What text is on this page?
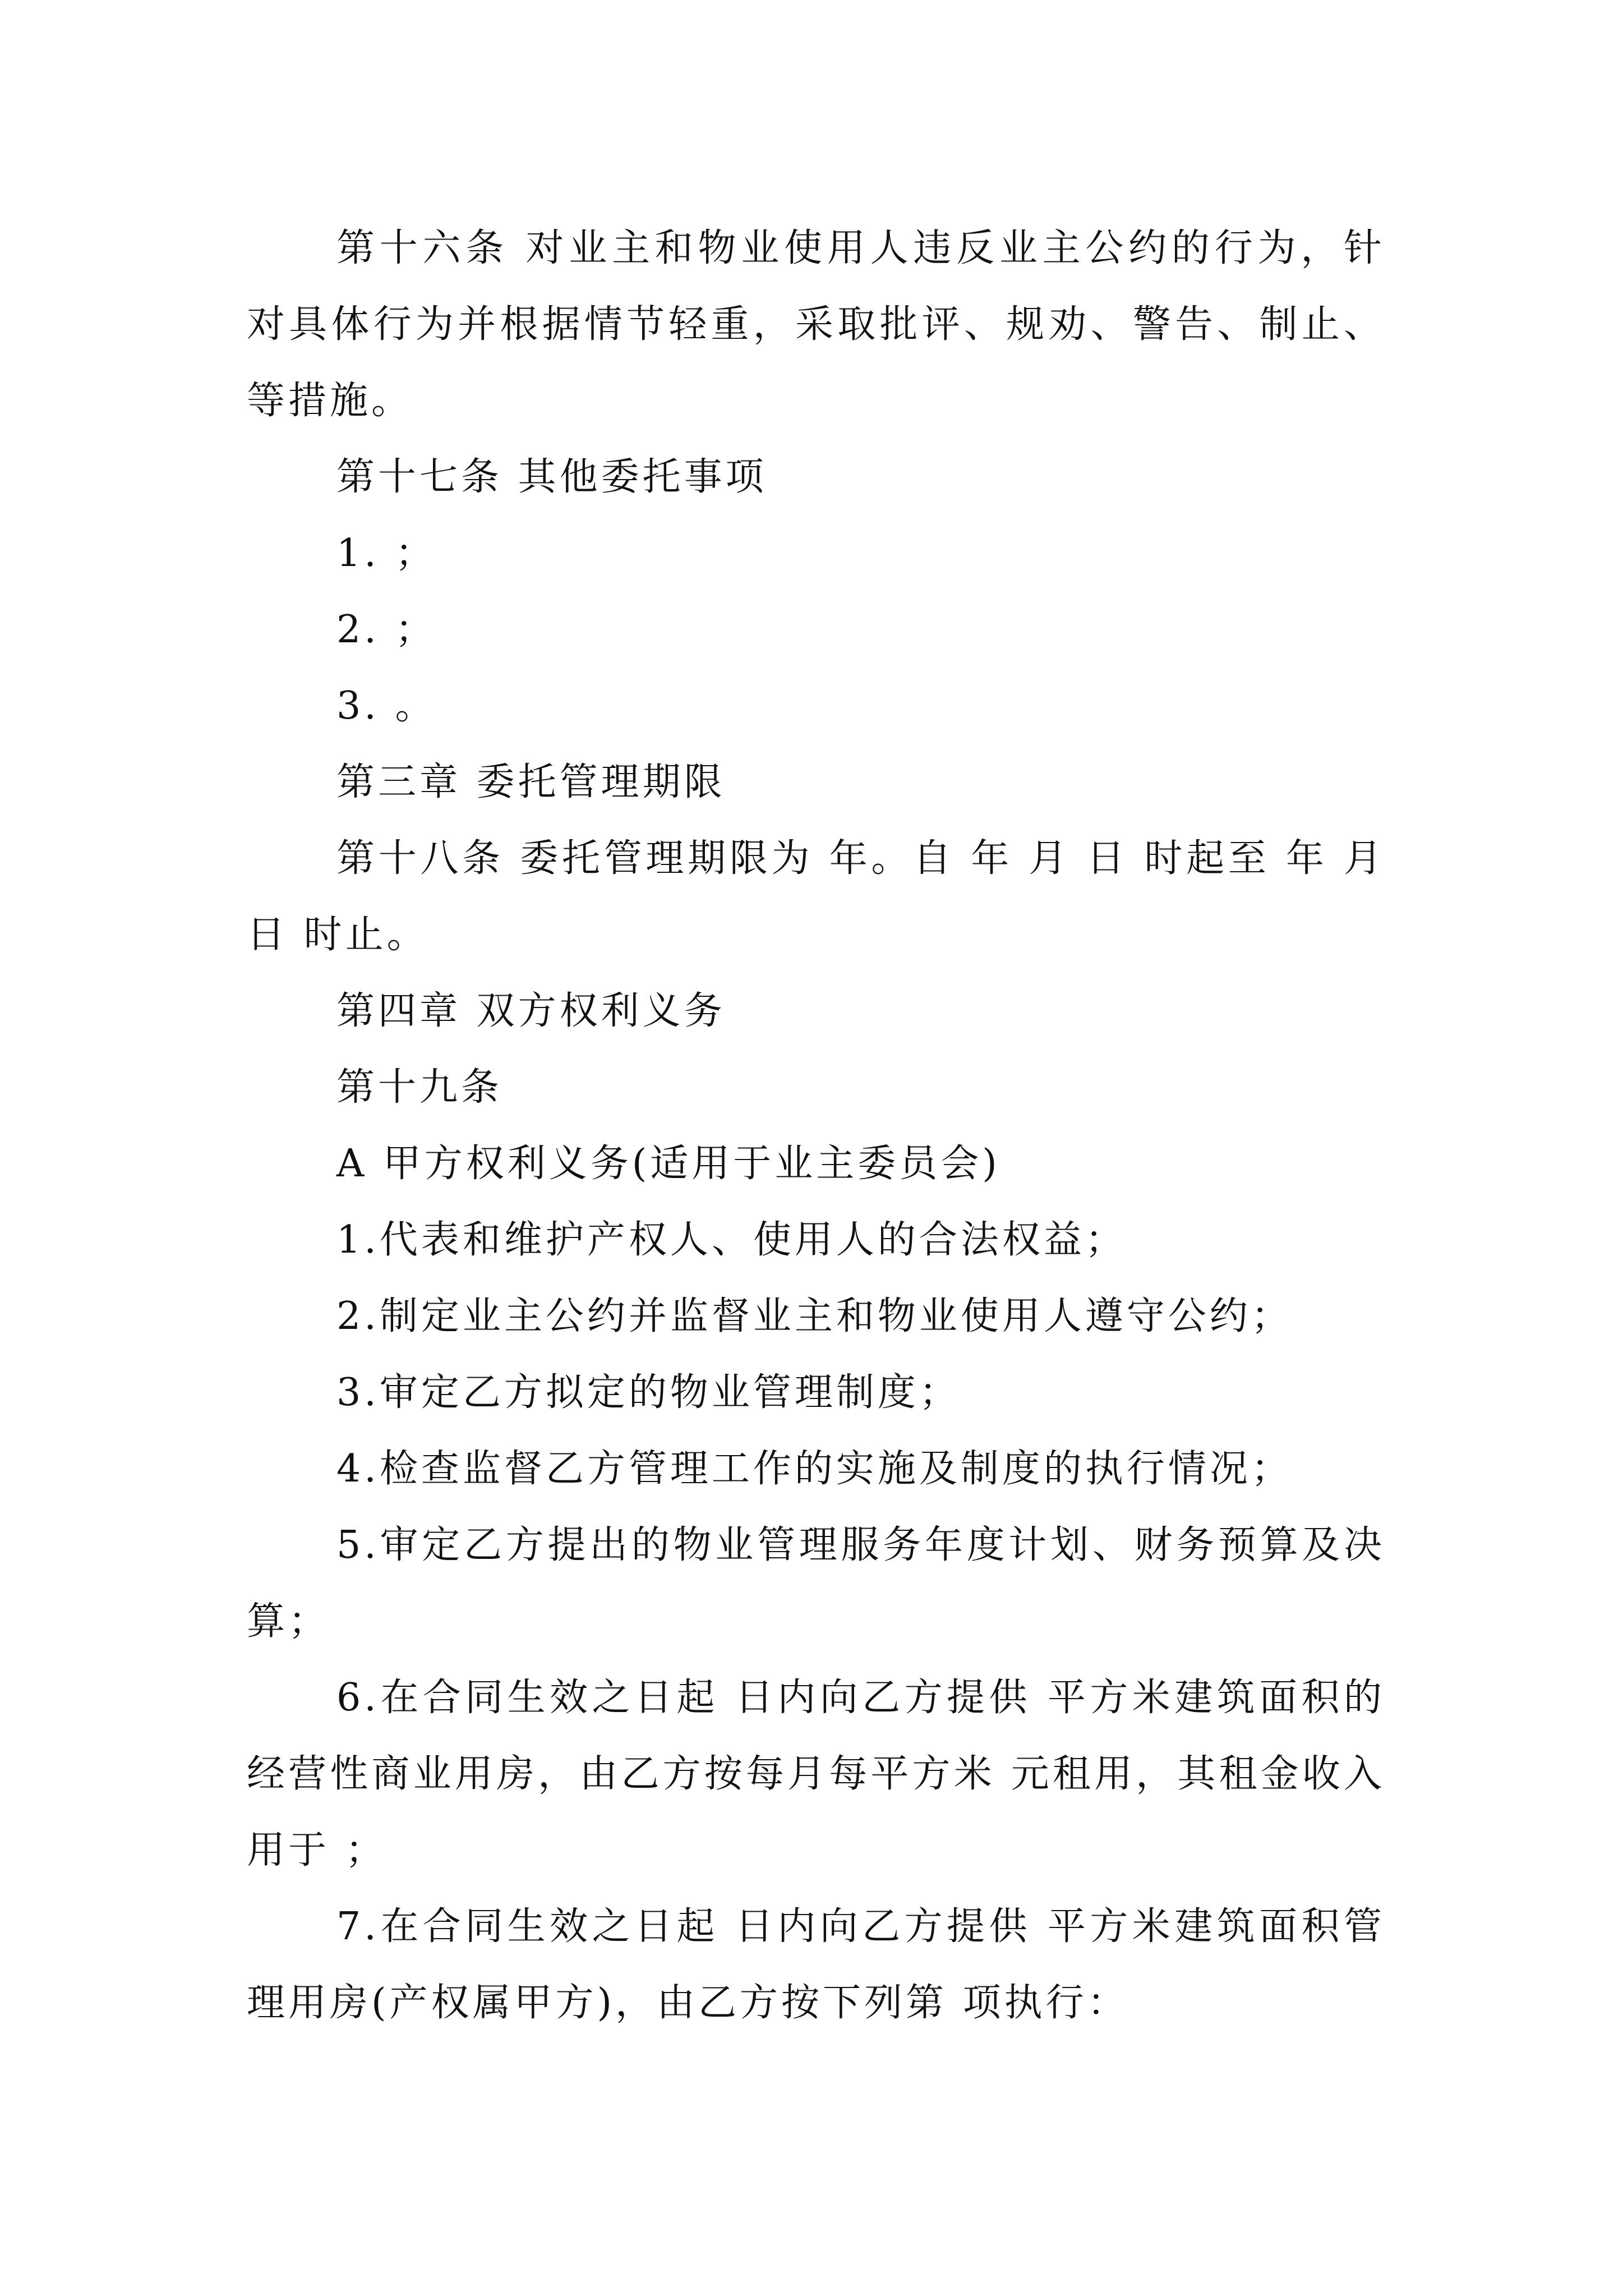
第十六条 对业主和物业使用人违反业主公约的行为，针对具体行为并根据情节轻重，采取批评、规劝、警告、制止、 等措施。

第十七条 其他委托事项

1. ；

2. ；

3. 。

第三章 委托管理期限

第十八条 委托管理期限为 年。自 年 月 日 时起至 年 月 日 时止。

第四章 双方权利义务

第十九条

A 甲方权利义务(适用于业主委员会)

1.代表和维护产权人、使用人的合法权益；

2.制定业主公约并监督业主和物业使用人遵守公约；

3.审定乙方拟定的物业管理制度；

4.检查监督乙方管理工作的实施及制度的执行情况；

5.审定乙方提出的物业管理服务年度计划、财务预算及决算；

6.在合同生效之日起 日内向乙方提供 平方米建筑面积的经营性商业用房，由乙方按每月每平方米 元租用，其租金收入用于 ；

7.在合同生效之日起 日内向乙方提供 平方米建筑面积管理用房(产权属甲方)，由乙方按下列第 项执行：
